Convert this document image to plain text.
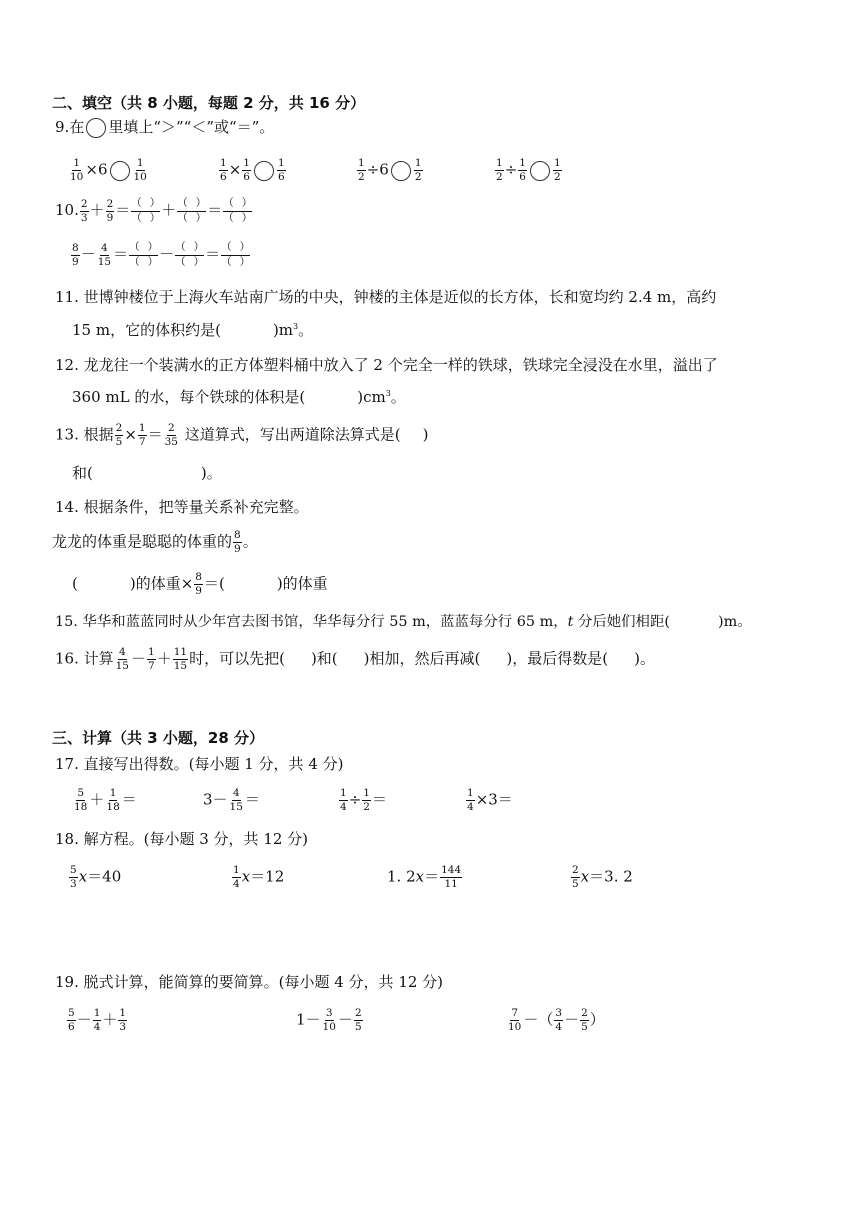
二、填空（共 8 小题，每题 2 分，共 16 分）
9.在 里填上“＞”“＜”或“＝”。
$\frac{1}{10} \times 6 \frac{1}{10}$	$\frac{1}{6} \times \frac{1}{6} \frac{1}{6}$	$\frac{1}{2} \div 6 \frac{1}{2}$	$\frac{1}{2} \div \frac{1}{6} \frac{1}{2}$
10. $\frac{2}{3} + \frac{2}{9}$ ＝ （ ）
（ ） ＋ （ ）
（ ） ＝ （ ）
（ ）
$\frac{8}{9} - \frac{4}{15}$ ＝ （ ）
（ ） － （ ）
（ ） ＝ （ ）
（ ）
11. 世博钟楼位于上海火车站南广场的中央，钟楼的主体是近似的长方体，长和宽均约 2.4 m，高约
15 m，它的体积约是(	)$m^3$。
12. 龙龙往一个装满水的正方体塑料桶中放入了 2 个完全一样的铁球，铁球完全浸没在水里，溢出了
360 mL 的水，每个铁球的体积是(	)$cm^3$。
13. 根据 $\frac{2}{5} \times \frac{1}{7} = \frac{2}{35}$ 这道算式，写出两道除法算式是( )
和(	)。
14. 根据条件，把等量关系补充完整。
龙龙的体重是聪聪的体重的 $\frac{8}{9}$ 。
(	)的体重× $\frac{8}{9}$ ＝(	)的体重
15. 华华和蓝蓝同时从少年宫去图书馆，华华每分行 55 m，蓝蓝每分行 65 m，t 分后她们相距(	)m。
16. 计算 $\frac{4}{15} - \frac{1}{7} + \frac{11}{15}$ 时，可以先把( )和( )相加，然后再减( )，最后得数是( )。
三、计算（共 3 小题，28 分）
17. 直接写出得数。(每小题 1 分，共 4 分)
$\frac{5}{18} + \frac{1}{18}$ ＝	$3- \frac{4}{15}$ ＝	$\frac{1}{4} \div \frac{1}{2}$ ＝	$\frac{1}{4} \times 3=$
18. 解方程。(每小题 3 分，共 12 分)
$\frac{5}{3} x=40$	$\frac{1}{4} x=12$	1. $2x= \frac{144}{11}$	$\frac{2}{5} x=3$. 2
19. 脱式计算，能简算的要简算。(每小题 4 分，共 12 分)
$\frac{5}{6} - \frac{1}{4} + \frac{1}{3}$	$1- \frac{3}{10} - \frac{2}{5}$	$\frac{7}{10}$ －（ $\frac{3}{4} - \frac{2}{5}$ ）
